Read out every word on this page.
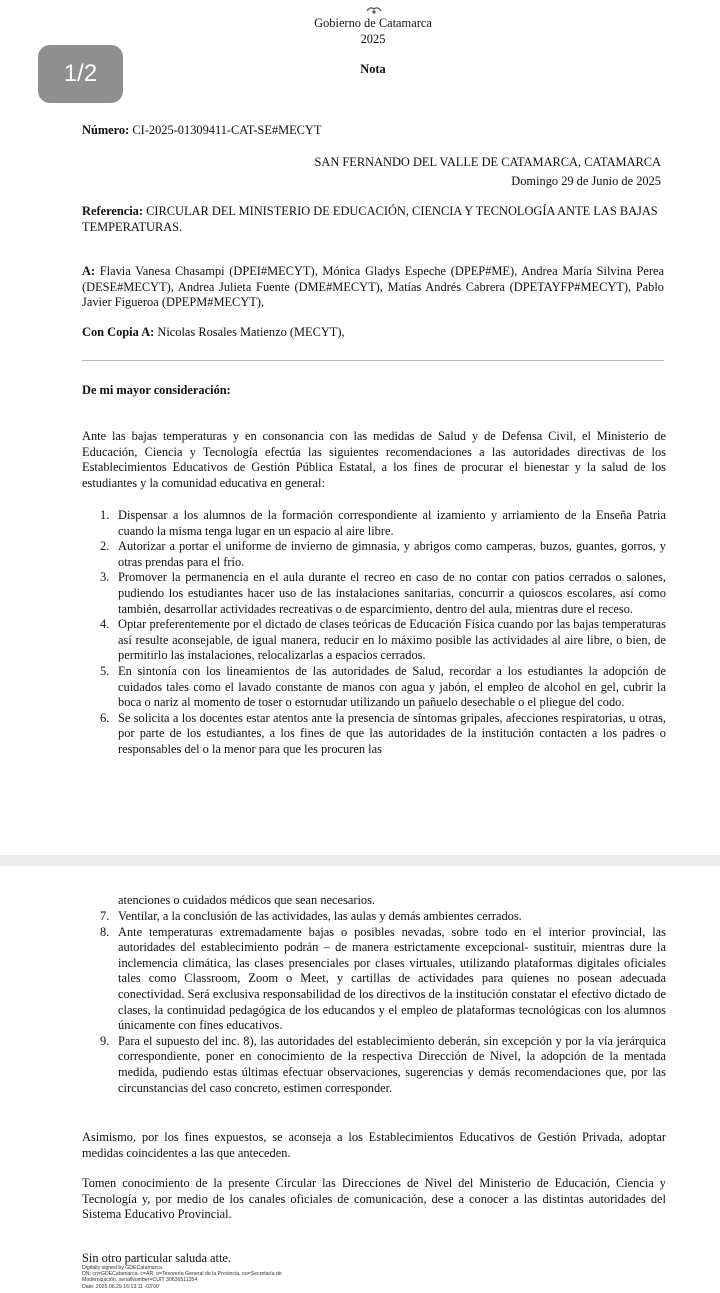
Gobierno de Catamarca
2025
Nota
1/2
Número: CI-2025-01309411-CAT-SE#MECYT
SAN FERNANDO DEL VALLE DE CATAMARCA, CATAMARCA
Domingo 29 de Junio de 2025
Referencia: CIRCULAR DEL MINISTERIO DE EDUCACIÓN, CIENCIA Y TECNOLOGÍA ANTE LAS BAJAS TEMPERATURAS.
A: Flavia Vanesa Chasampi (DPEI#MECYT), Mónica Gladys Espeche (DPEP#ME), Andrea María Silvina Perea (DESE#MECYT), Andrea Julieta Fuente (DME#MECYT), Matías Andrés Cabrera (DPETAYFP#MECYT), Pablo Javier Figueroa (DPEPM#MECYT),
Con Copia A: Nicolas Rosales Matienzo (MECYT),
De mi mayor consideración:
Ante las bajas temperaturas y en consonancia con las medidas de Salud y de Defensa Civil, el Ministerio de Educación, Ciencia y Tecnología efectúa las siguientes recomendaciones a las autoridades directivas de los Establecimientos Educativos de Gestión Pública Estatal, a los fines de procurar el bienestar y la salud de los estudiantes y la comunidad educativa en general:
1. Dispensar a los alumnos de la formación correspondiente al izamiento y arriamiento de la Enseña Patria cuando la misma tenga lugar en un espacio al aire libre.
2. Autorizar a portar el uniforme de invierno de gimnasia, y abrigos como camperas, buzos, guantes, gorros, y otras prendas para el frío.
3. Promover la permanencia en el aula durante el recreo en caso de no contar con patios cerrados o salones, pudiendo los estudiantes hacer uso de las instalaciones sanitarias, concurrir a quioscos escolares, así como también, desarrollar actividades recreativas o de esparcimiento, dentro del aula, mientras dure el receso.
4. Optar preferentemente por el dictado de clases teóricas de Educación Física cuando por las bajas temperaturas así resulte aconsejable, de igual manera, reducir en lo máximo posible las actividades al aire libre, o bien, de permitirlo las instalaciones, relocalizarlas a espacios cerrados.
5. En sintonía con los lineamientos de las autoridades de Salud, recordar a los estudiantes la adopción de cuidados tales como el lavado constante de manos con agua y jabón, el empleo de alcohol en gel, cubrir la boca o nariz al momento de toser o estornudar utilizando un pañuelo desechable o el pliegue del codo.
6. Se solicita a los docentes estar atentos ante la presencia de síntomas gripales, afecciones respiratorias, u otras, por parte de los estudiantes, a los fines de que las autoridades de la institución contacten a los padres o responsables del o la menor para que les procuren las
atenciones o cuidados médicos que sean necesarios.
7. Ventilar, a la conclusión de las actividades, las aulas y demás ambientes cerrados.
8. Ante temperaturas extremadamente bajas o posibles nevadas, sobre todo en el interior provincial, las autoridades del establecimiento podrán – de manera estrictamente excepcional- sustituir, mientras dure la inclemencia climática, las clases presenciales por clases virtuales, utilizando plataformas digitales oficiales tales como Classroom, Zoom o Meet, y cartillas de actividades para quienes no posean adecuada conectividad. Será exclusiva responsabilidad de los directivos de la institución constatar el efectivo dictado de clases, la continuidad pedagógica de los educandos y el empleo de plataformas tecnológicas con los alumnos únicamente con fines educativos.
9. Para el supuesto del inc. 8), las autoridades del establecimiento deberán, sin excepción y por la vía jerárquica correspondiente, poner en conocimiento de la respectiva Dirección de Nivel, la adopción de la mentada medida, pudiendo estas últimas efectuar observaciones, sugerencias y demás recomendaciones que, por las circunstancias del caso concreto, estimen corresponder.
Asimismo, por los fines expuestos, se aconseja a los Establecimientos Educativos de Gestión Privada, adoptar medidas coincidentes a las que anteceden.
Tomen conocimiento de la presente Circular las Direcciones de Nivel del Ministerio de Educación, Ciencia y Tecnología y, por medio de los canales oficiales de comunicación, dese a conocer a las distintas autoridades del Sistema Educativo Provincial.
Sin otro particular saluda atte.
Digitally signed by GDECatamarca
DN: cn=GDECatamarca, c=AR, o=Tesorería General de la Provincia, ou=Secretaría de
Modernización, serialNumber=CUIT 30636511354
Date: 2025.06.29 16:13:11 -03'00'
